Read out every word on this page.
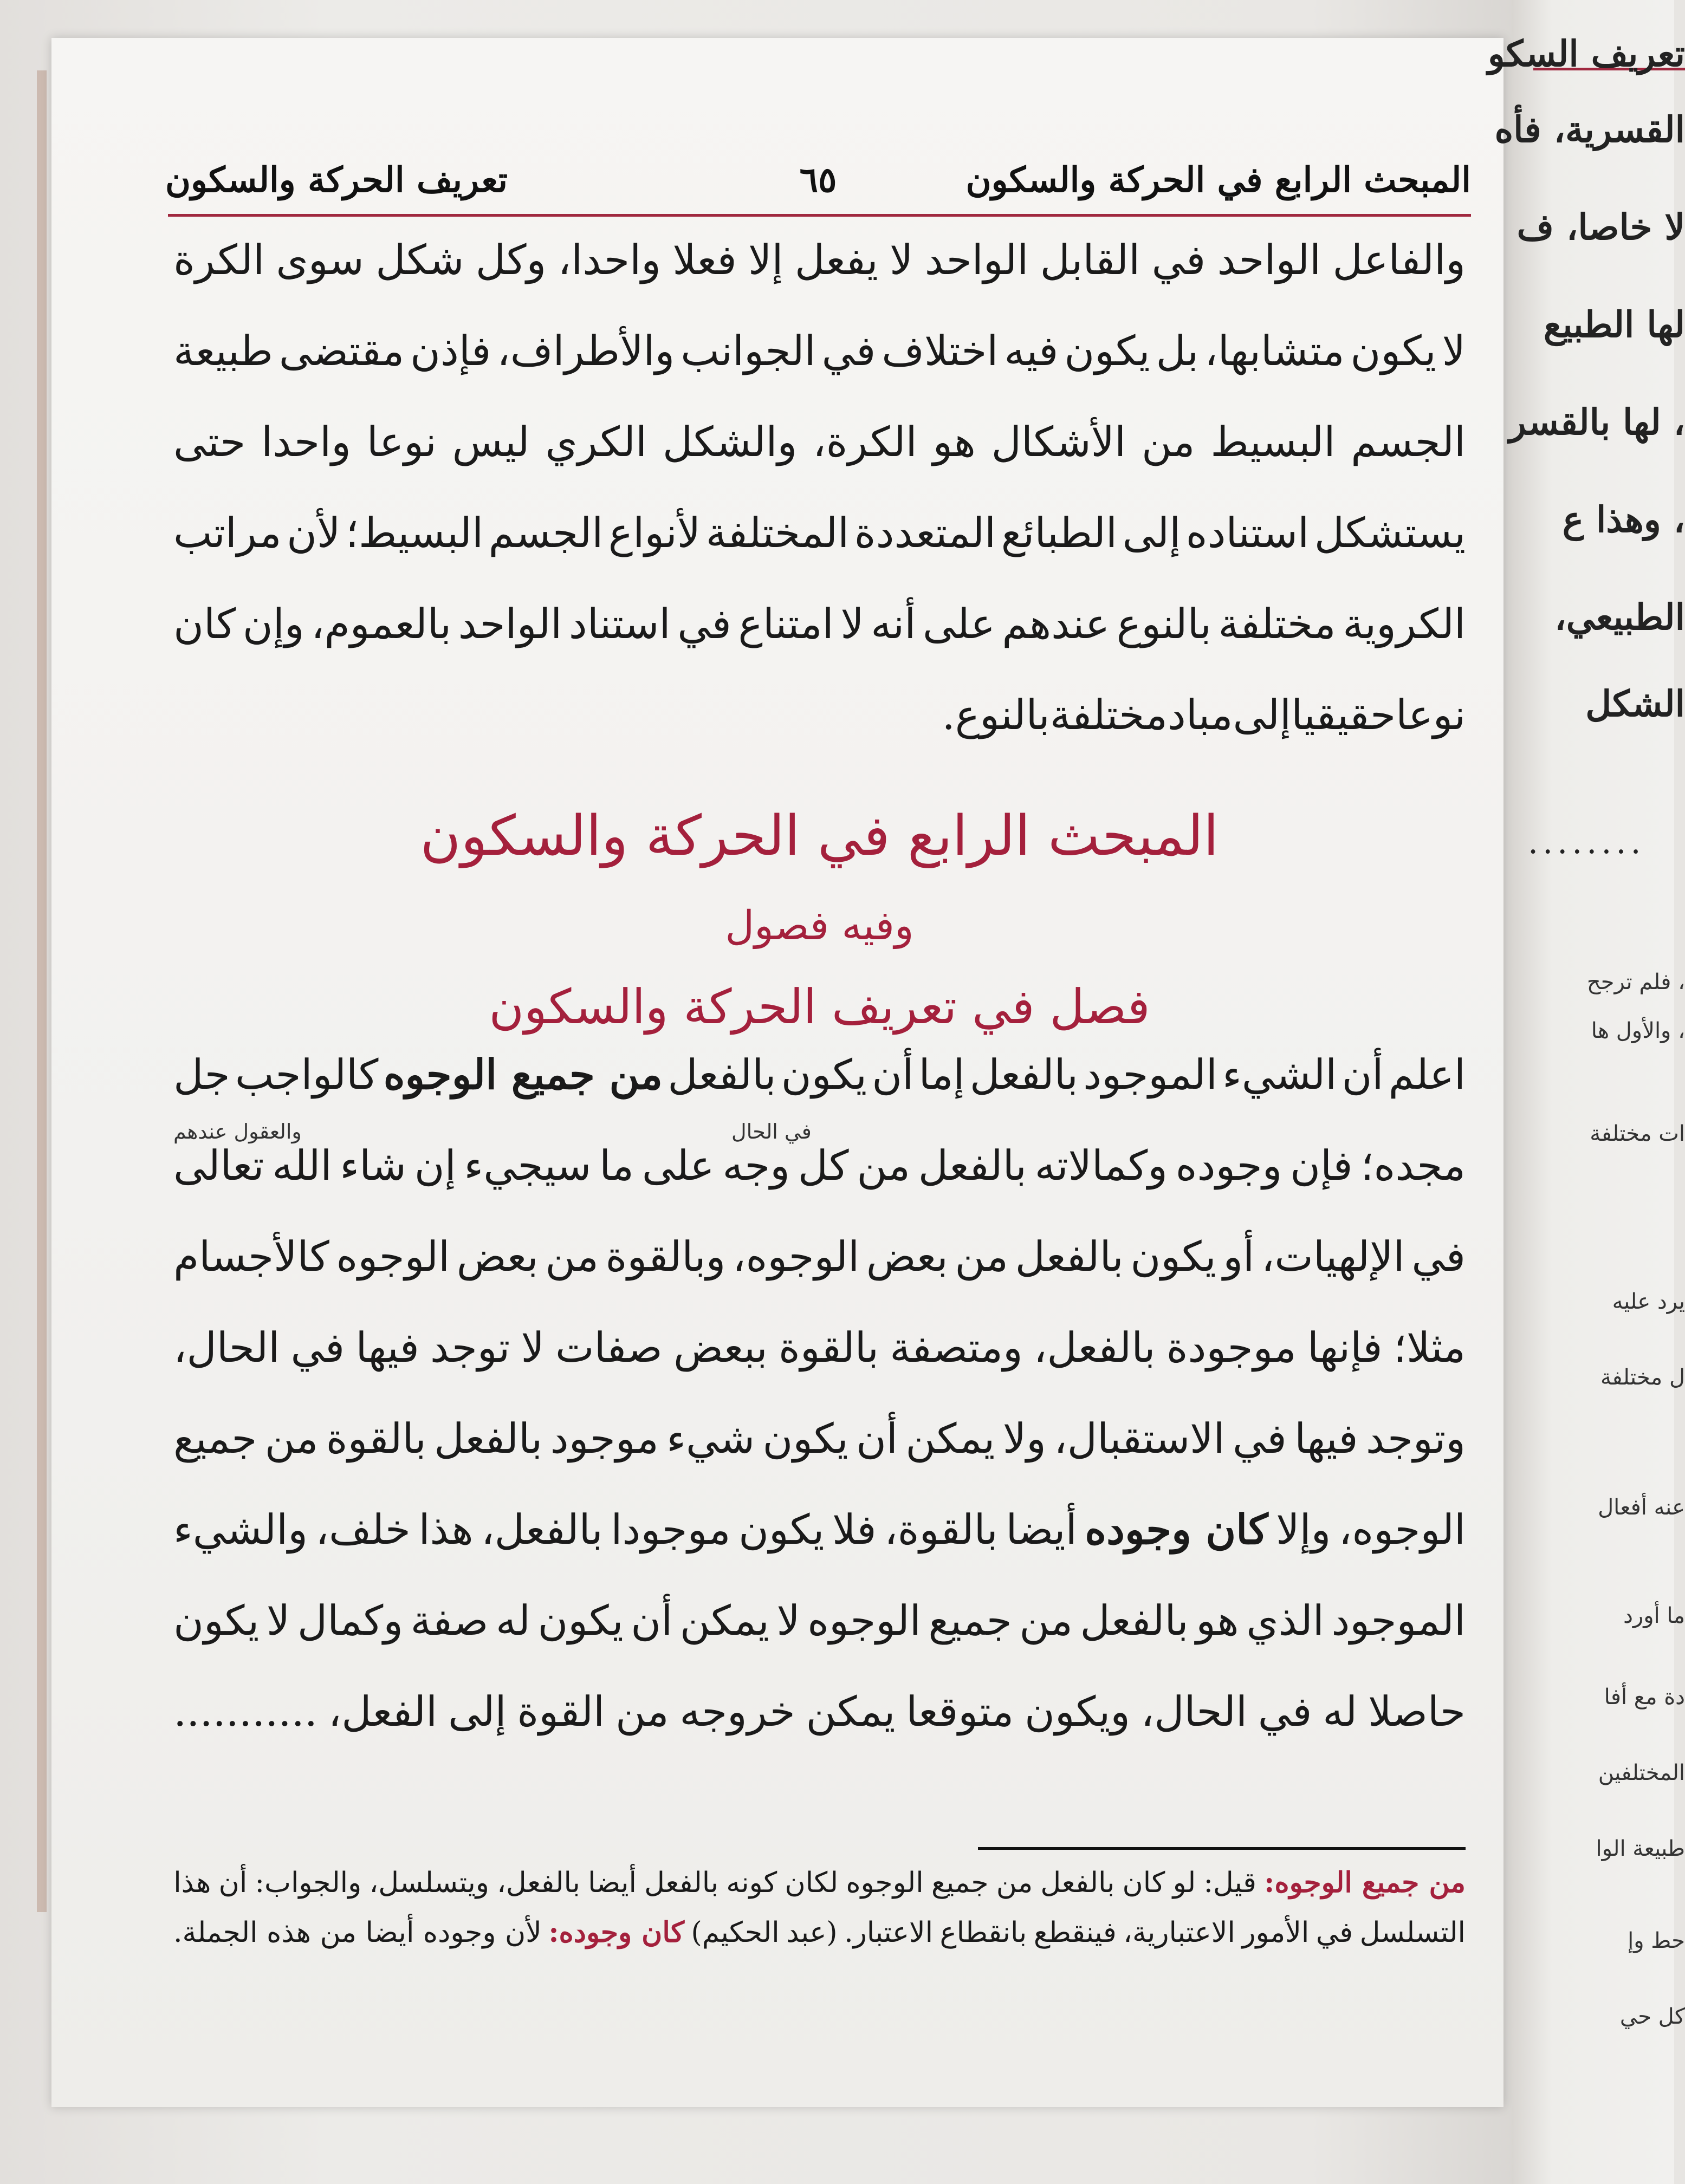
المبحث الرابع في الحركة والسكون
٦٥
تعريف الحركة والسكون
والفاعل
الواحد
في
القابل
الواحد
لا
يفعل
إلا
فعلا
واحدا،
وكل
شكل
سوى
الكرة
لا
يكون
متشابها،
بل
يكون
فيه
اختلاف
في
الجوانب
والأطراف،
فإذن
مقتضى
طبيعة
الجسم
البسيط
من
الأشكال
هو
الكرة،
والشكل
الكري
ليس
نوعا
واحدا
حتى
يستشكل
استناده
إلى
الطبائع
المتعددة
المختلفة
لأنواع
الجسم
البسيط؛
لأن
مراتب
الكروية
مختلفة
بالنوع
عندهم
على
أنه
لا
امتناع
في
استناد
الواحد
بالعموم،
وإن
كان
نوعا
حقيقيا
إلى
مباد
مختلفة
بالنوع.
المبحث الرابع في الحركة والسكون
وفيه فصول
فصل في تعريف الحركة والسكون
اعلم
أن
الشيء
الموجود
بالفعل
إما
أن
يكون
بالفعل
من جميع الوجوه
كالواجب
جل
والعقول عندهم	في الحال
مجده؛
فإن
وجوده
وكمالاته
بالفعل
من
كل
وجه
على
ما
سيجيء
إن
شاء
الله
تعالى
في
الإلهيات،
أو
يكون
بالفعل
من
بعض
الوجوه،
وبالقوة
من
بعض
الوجوه
كالأجسام
مثلا؛
فإنها
موجودة
بالفعل،
ومتصفة
بالقوة
ببعض
صفات
لا
توجد
فيها
في
الحال،
وتوجد
فيها
في
الاستقبال،
ولا
يمكن
أن
يكون
شيء
موجود
بالفعل
بالقوة
من
جميع
الوجوه،
وإلا
كان وجوده
أيضا
بالقوة،
فلا
يكون
موجودا
بالفعل،
هذا
خلف،
والشيء
الموجود
الذي
هو
بالفعل
من
جميع
الوجوه
لا
يمكن
أن
يكون
له
صفة
وكمال
لا
يكون
حاصلا
له
في
الحال،
ويكون
متوقعا
يمكن
خروجه
من
القوة
إلى
الفعل،
...........
من جميع الوجوه:
قيل:
لو
كان
بالفعل
من
جميع
الوجوه
لكان
كونه
بالفعل
أيضا
بالفعل،
ويتسلسل،
والجواب:
أن
هذا
التسلسل
في
الأمور
الاعتبارية،
فينقطع
بانقطاع
الاعتبار.
(عبد
الحكيم)
كان وجوده:
لأن وجوده أيضا من هذه الجملة.
تعريف السكو
القسرية، فأه
لا خاصا، ف
لها الطبيع
، لها بالقسر
، وهذا ع
الطبيعي،
الشكل
........
، فلم ترجح
، والأول ها
ات مختلفة
يرد عليه
ل مختلفة
عنه أفعال
ما أورد
دة مع أفا
المختلفين
طبيعة الوا
حط وإ
كل حي
